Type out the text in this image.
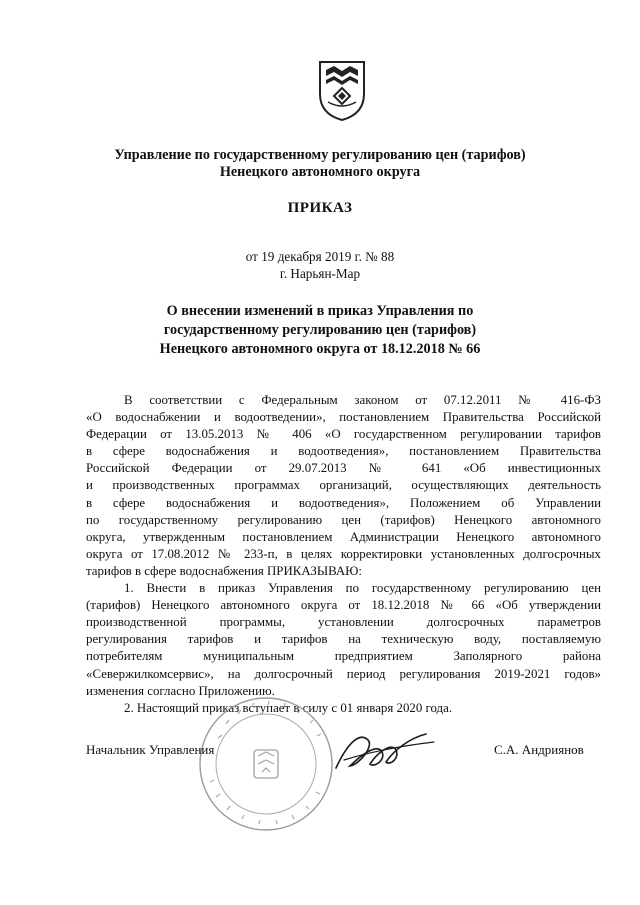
Управление по государственному регулированию цен (тарифов)
Ненецкого автономного округа
ПРИКАЗ
от 19 декабря 2019 г. № 88
г. Нарьян-Мар
О внесении изменений в приказ Управления по
государственному регулированию цен (тарифов)
Ненецкого автономного округа от 18.12.2018 № 66
В соответствии с Федеральным законом от 07.12.2011 № 416-ФЗ
«О водоснабжении и водоотведении», постановлением Правительства Российской
Федерации от 13.05.2013 № 406 «О государственном регулировании тарифов
в сфере водоснабжения и водоотведения», постановлением Правительства
Российской Федерации от 29.07.2013 № 641 «Об инвестиционных
и производственных программах организаций, осуществляющих деятельность
в сфере водоснабжения и водоотведения», Положением об Управлении
по государственному регулированию цен (тарифов) Ненецкого автономного
округа, утвержденным постановлением Администрации Ненецкого автономного
округа от 17.08.2012 № 233-п, в целях корректировки установленных долгосрочных
тарифов в сфере водоснабжения ПРИКАЗЫВАЮ:
1. Внести в приказ Управления по государственному регулированию цен
(тарифов) Ненецкого автономного округа от 18.12.2018 № 66 «Об утверждении
производственной программы, установлении долгосрочных параметров
регулирования тарифов и тарифов на техническую воду, поставляемую
потребителям муниципальным предприятием Заполярного района
«Севержилкомсервис», на долгосрочный период регулирования 2019-2021 годов»
изменения согласно Приложению.
2. Настоящий приказ вступает в силу с 01 января 2020 года.
Начальник Управления	С.А. Андриянов
